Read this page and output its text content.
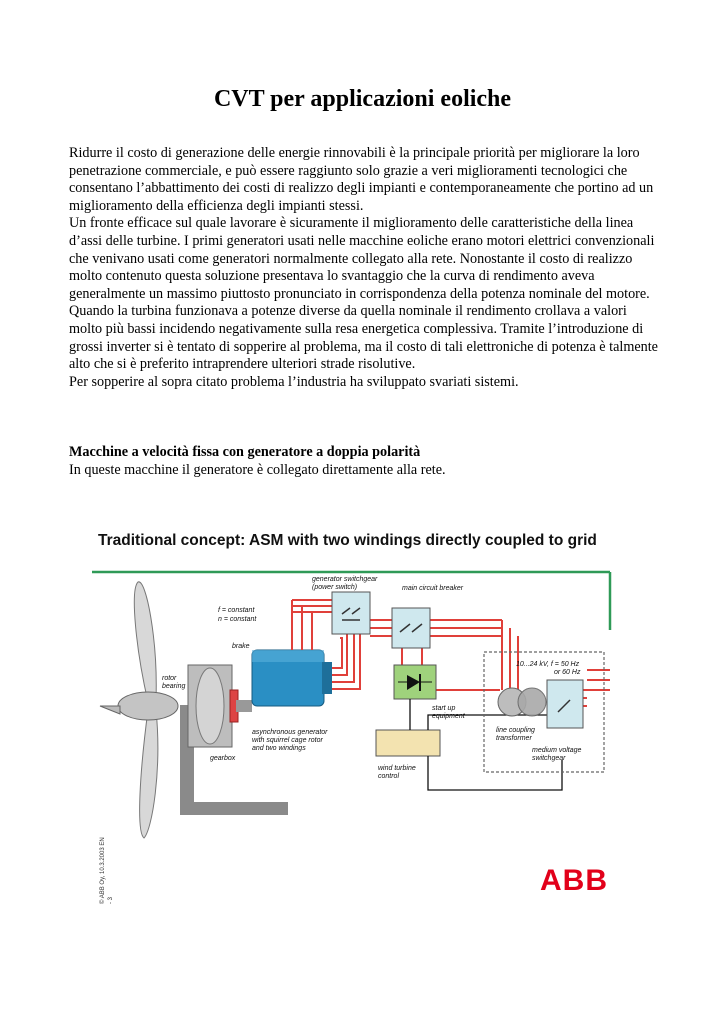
CVT per applicazioni eoliche

Ridurre il costo di generazione delle energie rinnovabili è la principale priorità per migliorare la loro penetrazione commerciale, e può essere raggiunto solo grazie a veri miglioramenti tecnologici che consentano l’abbattimento dei costi di realizzo degli impianti e contemporaneamente che portino ad un miglioramento della efficienza degli impianti stessi.

Un fronte efficace sul quale lavorare è sicuramente il miglioramento delle caratteristiche della linea d’assi delle turbine. I primi generatori usati nelle macchine eoliche erano motori elettrici convenzionali che venivano usati come generatori normalmente collegato alla rete. Nonostante il costo di realizzo molto contenuto questa soluzione presentava lo svantaggio che la curva di rendimento aveva generalmente un massimo piuttosto pronunciato in corrispondenza della potenza nominale del motore. Quando la turbina funzionava a potenze diverse da quella nominale il rendimento crollava a valori molto più bassi incidendo negativamente sulla resa energetica complessiva. Tramite l’introduzione di grossi inverter si è tentato di sopperire al problema, ma il costo di tali elettroniche di potenza è talmente alto che si è preferito intraprendere ulteriori strade risolutive.

Per sopperire al sopra citato problema l’industria ha sviluppato svariati sistemi.

Macchine a velocità fissa con generatore a doppia polarità

In queste macchine il generatore è collegato direttamente alla rete.

Traditional concept: ASM with two windings directly coupled to grid
f = constant
n = constant
generator switchgear
(power switch)	main circuit breaker
brake
rotor
bearing
gearbox
asynchronous generator
with squirrel cage rotor
and two windings
start up
equipment
10...24 kV, f = 50 Hz
or 60 Hz
line coupling
transformer
medium voltage
switchgear
wind turbine
control
© ABB Oy, 10.3.2003 EN - 3
ABB
